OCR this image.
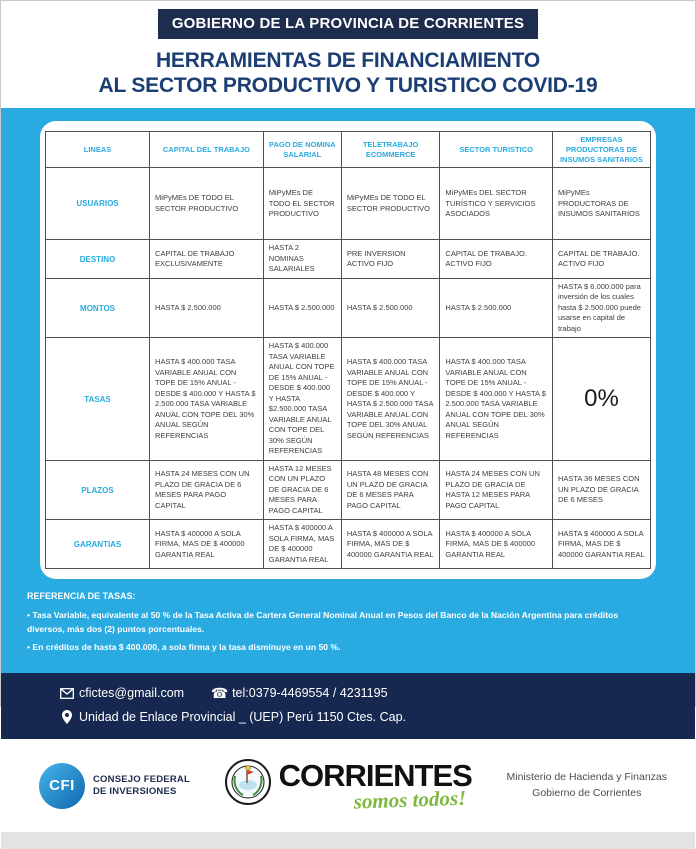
GOBIERNO DE LA PROVINCIA DE CORRIENTES
HERRAMIENTAS DE FINANCIAMIENTO
AL SECTOR PRODUCTIVO Y TURISTICO COVID-19
LINEAS	CAPITAL DEL TRABAJO	PAGO DE NOMINA SALARIAL	TELETRABAJO ECOMMERCE	SECTOR TURISTICO	EMPRESAS PRODUCTORAS DE INSUMOS SANITARIOS
USUARIOS	MiPyMEs DE TODO EL SECTOR PRODUCTIVO	MiPyMEs DE TODO EL SECTOR PRODUCTIVO	MiPyMEs DE TODO EL SECTOR PRODUCTIVO	MiPyMEs DEL SECTOR TURÍSTICO Y SERVICIOS ASOCIADOS	MiPyMEs PRODUCTORAS DE INSUMOS SANITARIOS
DESTINO	CAPITAL DE TRABAJO EXCLUSIVAMENTE	HASTA 2 NOMINAS SALARIALES	PRE INVERSION ACTIVO FIJO	CAPITAL DE TRABAJO. ACTIVO FIJO	CAPITAL DE TRABAJO. ACTIVO FIJO
MONTOS	HASTA $ 2.500.000	HASTA $ 2.500.000	HASTA $ 2.500.000	HASTA $ 2.500.000	HASTA $ 6.000.000 para inversión de los cuales hasta $ 2.500.000 puede usarse en capital de trabajo
TASAS	HASTA $ 400.000 TASA VARIABLE ANUAL CON TOPE DE 15% ANUAL - DESDE $ 400.000 Y HASTA $ 2.500.000 TASA VARIABLE ANUAL CON TOPE DEL 30% ANUAL SEGÚN REFERENCIAS	HASTA $ 400.000 TASA VARIABLE ANUAL CON TOPE DE 15% ANUAL -DESDE $ 400.000 Y HASTA $2.500.000 TASA VARIABLE ANUAL CON TOPE DEL 30% SEGÚN REFERENCIAS	HASTA $ 400.000 TASA VARIABLE ANUAL CON TOPE DE 15% ANUAL - DESDE $ 400.000 Y HASTA $ 2.500.000 TASA VARIABLE ANUAL CON TOPE DEL 30% ANUAL SEGÚN REFERENCIAS	HASTA $ 400.000 TASA VARIABLE ANUAL CON TOPE DE 15% ANUAL -DESDE $ 400.000 Y HASTA $ 2.500.000 TASA VARIABLE ANUAL CON TOPE DEL 30% ANUAL SEGÚN REFERENCIAS	0%
PLAZOS	HASTA 24 MESES CON UN PLAZO DE GRACIA DE 6 MESES PARA PAGO CAPITAL	HASTA 12 MESES CON UN PLAZO DE GRACIA DE 6 MESES PARA PAGO CAPITAL	HASTA 48 MESES CON UN PLAZO DE GRACIA DE 6 MESES PARA PAGO CAPITAL	HASTA 24 MESES CON UN PLAZO DE GRACIA DE HASTA 12 MESES PARA PAGO CAPITAL	HASTA 36 MESES CON UN PLAZO DE GRACIA DE 6 MESES
GARANTIAS	HASTA $ 400000 A SOLA FIRMA, MAS DE $ 400000 GARANTIA REAL	HASTA $ 400000 A SOLA FIRMA, MAS DE $ 400000 GARANTIA REAL	HASTA $ 400000 A SOLA FIRMA, MAS DE $ 400000 GARANTIA REAL	HASTA $ 400000 A SOLA FIRMA, MAS DE $ 400000 GARANTIA REAL	HASTA $ 400000 A SOLA FIRMA, MAS DE $ 400000 GARANTIA REAL
REFERENCIA DE TASAS:
• Tasa Variable, equivalente al 50 % de la Tasa Activa de Cartera General Nominal Anual en Pesos del Banco de la Nación Argentina para créditos diversos, más dos (2) puntos porcentuales.
• En créditos de hasta $ 400.000, a sola firma y la tasa disminuye en un 50 %.
cfictes@gmail.com ☎ tel:0379-4469554 / 4231195
Unidad de Enlace Provincial _ (UEP) Perú 1150 Ctes. Cap.
CFI	CONSEJO FEDERAL
DE INVERSIONES	CORRIENTES
somos todos!
Ministerio de Hacienda y Finanzas
Gobierno de Corrientes
